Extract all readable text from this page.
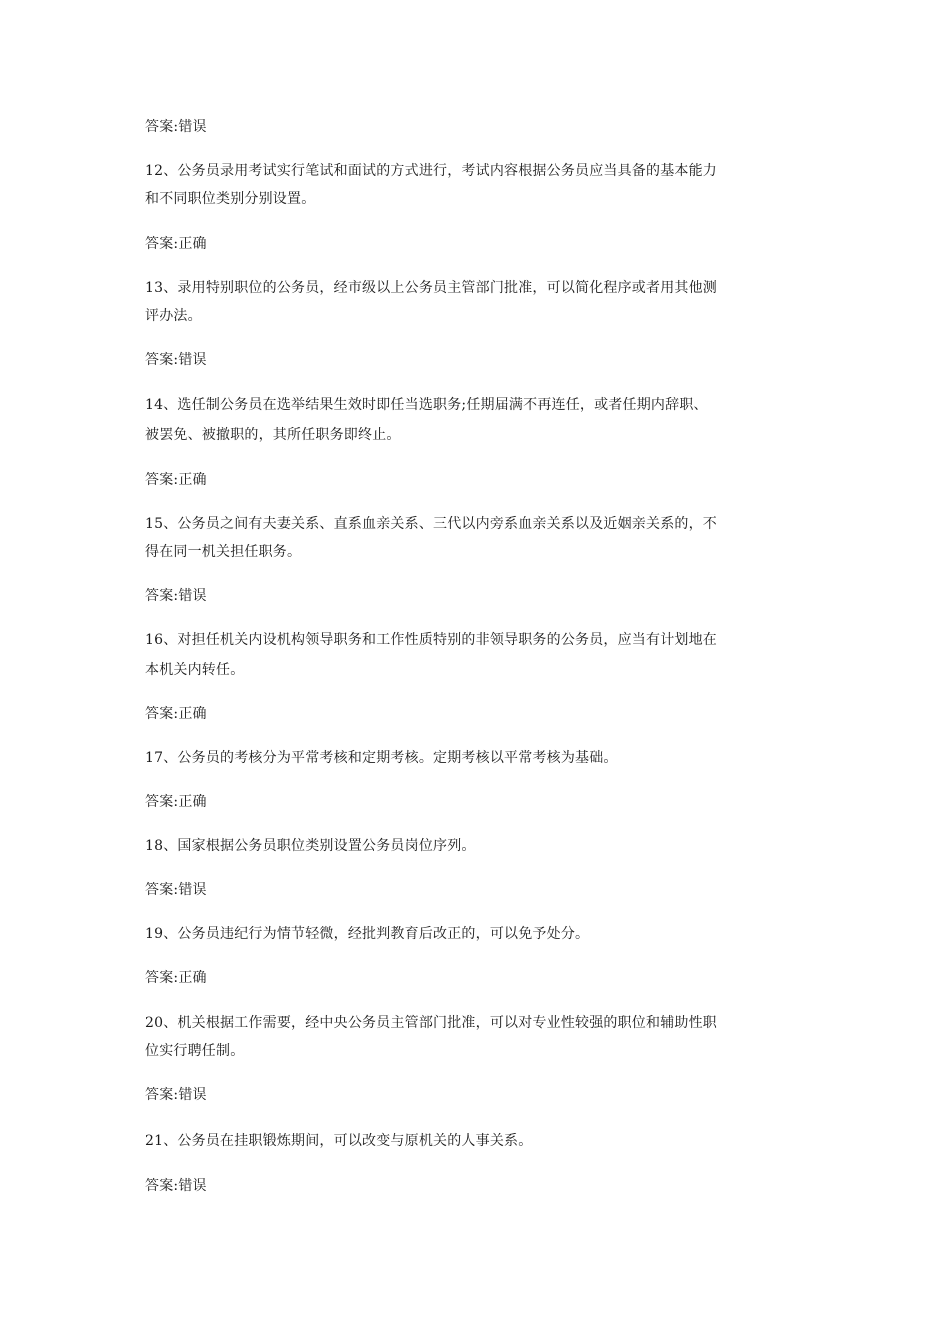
答案:错误
12、公务员录用考试实行笔试和面试的方式进行，考试内容根据公务员应当具备的基本能力
和不同职位类别分别设置。
答案:正确
13、录用特别职位的公务员，经市级以上公务员主管部门批准，可以简化程序或者用其他测
评办法。
答案:错误
14、选任制公务员在选举结果生效时即任当选职务;任期届满不再连任，或者任期内辞职、
被罢免、被撤职的，其所任职务即终止。
答案:正确
15、公务员之间有夫妻关系、直系血亲关系、三代以内旁系血亲关系以及近姻亲关系的，不
得在同一机关担任职务。
答案:错误
16、对担任机关内设机构领导职务和工作性质特别的非领导职务的公务员，应当有计划地在
本机关内转任。
答案:正确
17、公务员的考核分为平常考核和定期考核。定期考核以平常考核为基础。
答案:正确
18、国家根据公务员职位类别设置公务员岗位序列。
答案:错误
19、公务员违纪行为情节轻微，经批判教育后改正的，可以免予处分。
答案:正确
20、机关根据工作需要，经中央公务员主管部门批准，可以对专业性较强的职位和辅助性职
位实行聘任制。
答案:错误
21、公务员在挂职锻炼期间，可以改变与原机关的人事关系。
答案:错误
